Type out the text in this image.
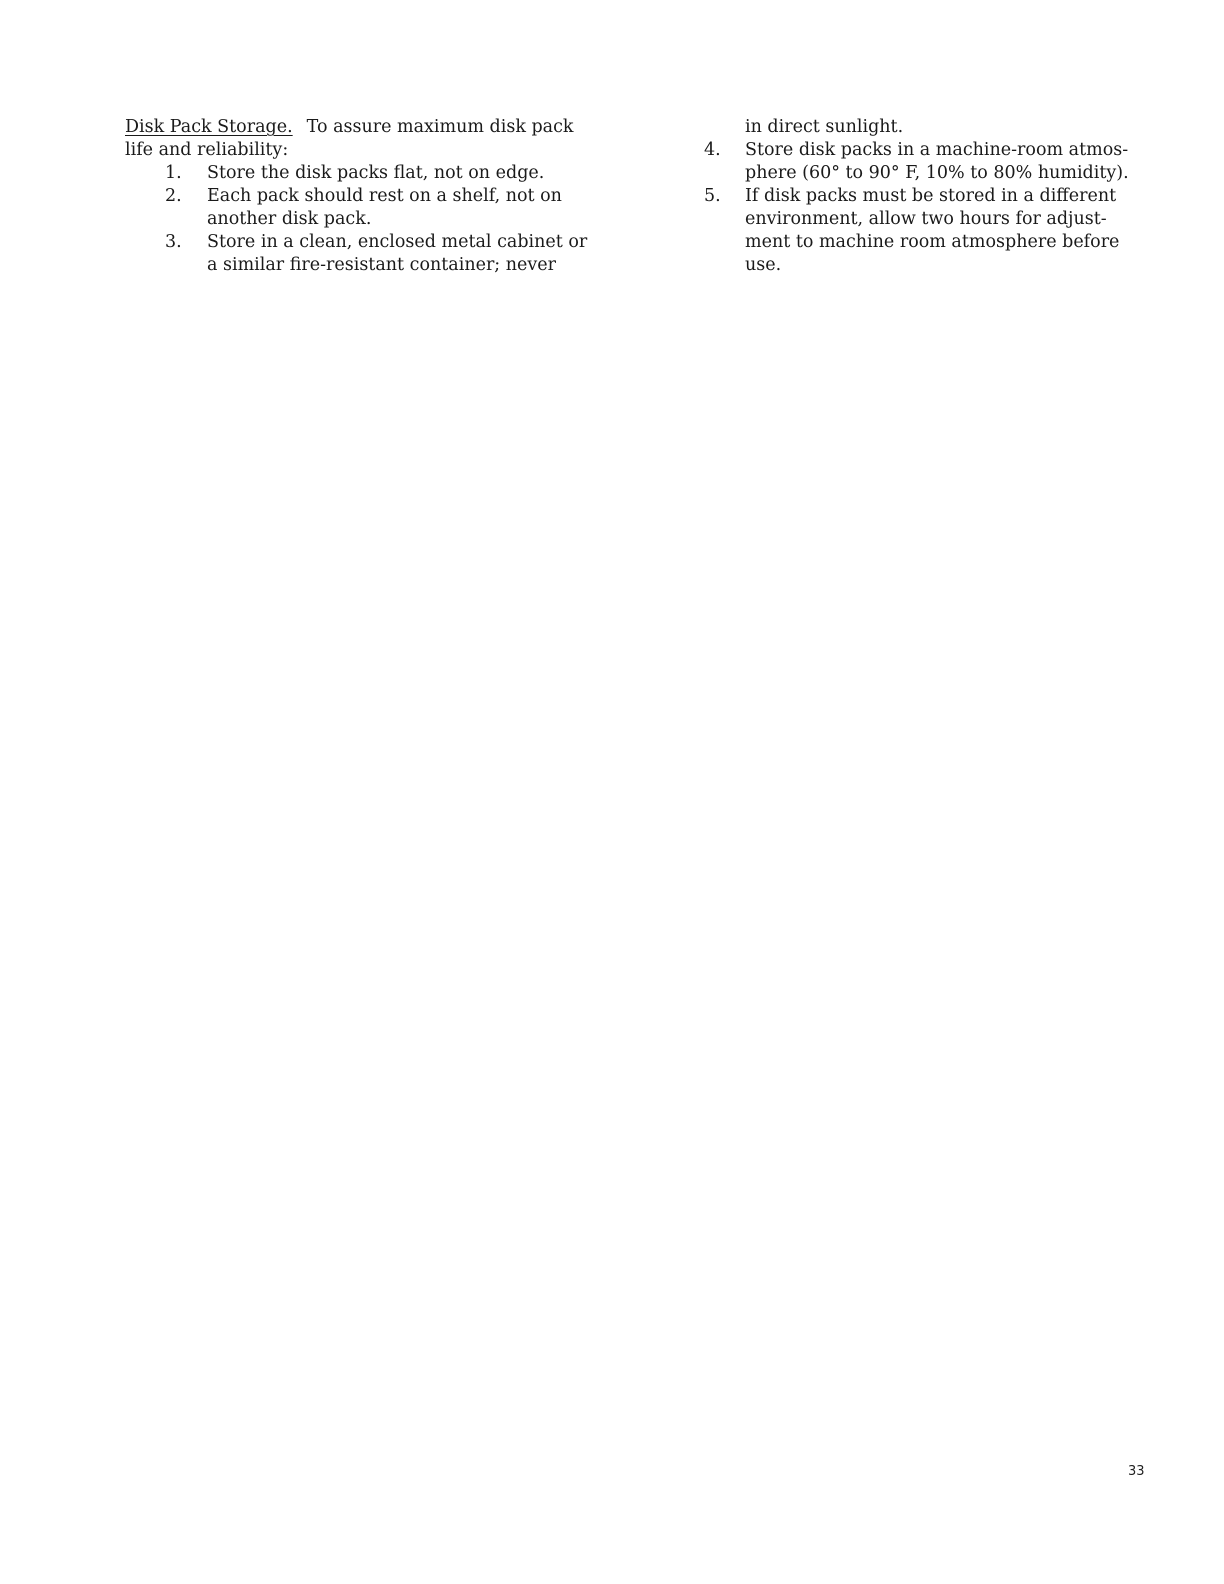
Disk Pack Storage. To assure maximum disk pack
life and reliability:
1. Store the disk packs flat, not on edge.
2. Each pack should rest on a shelf, not on
another disk pack.
3. Store in a clean, enclosed metal cabinet or
a similar fire-resistant container; never
in direct sunlight.
4. Store disk packs in a machine-room atmos-
phere (60° to 90° F, 10% to 80% humidity).
5. If disk packs must be stored in a different
environment, allow two hours for adjust-
ment to machine room atmosphere before
use.
33
